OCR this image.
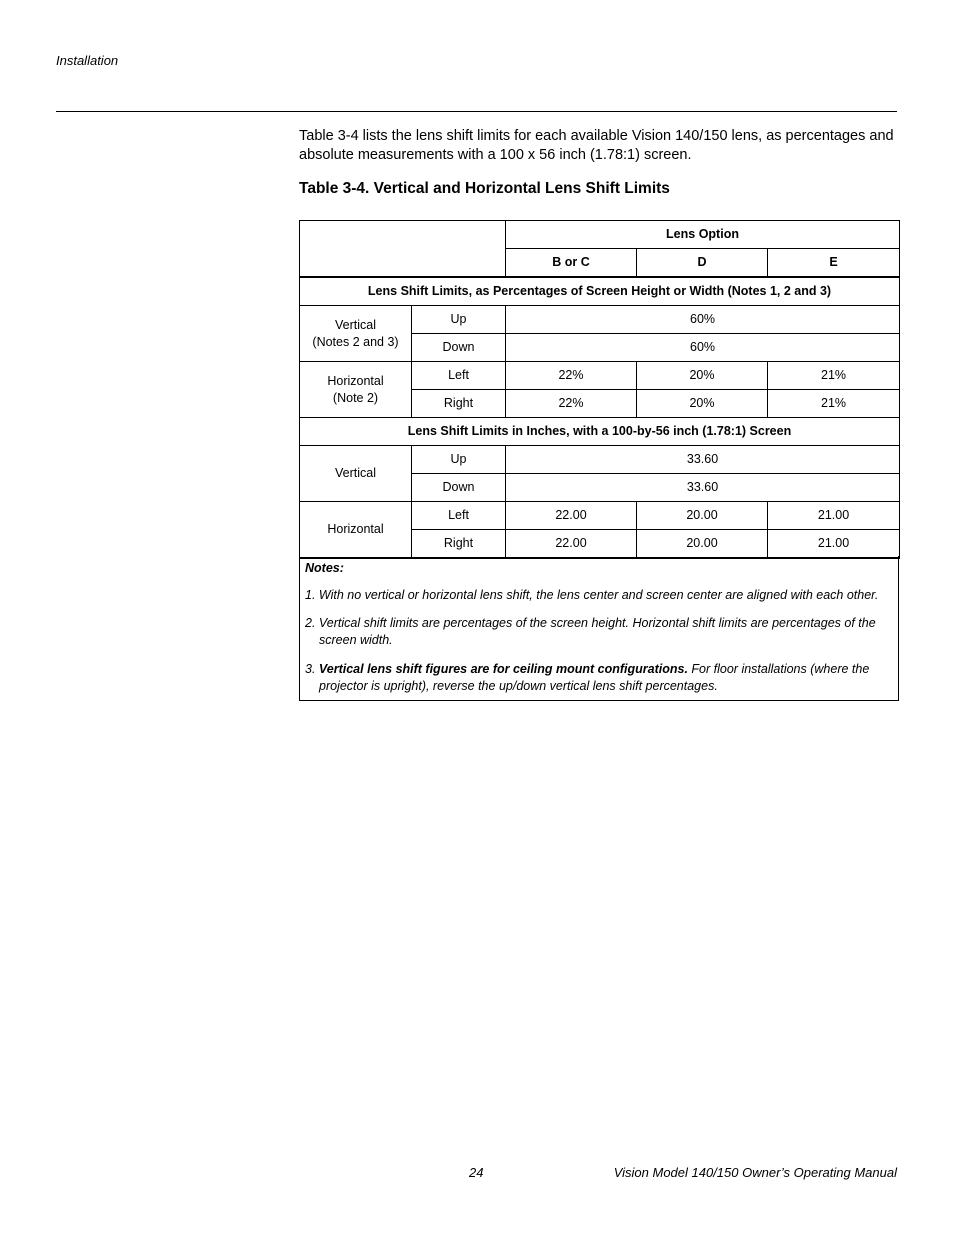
Installation
Table 3-4 lists the lens shift limits for each available Vision 140/150 lens, as percentages and absolute measurements with a 100 x 56 inch (1.78:1) screen.
Table 3-4. Vertical and Horizontal Lens Shift Limits
		Lens Option		
		B or C	D	E
Lens Shift Limits, as Percentages of Screen Height or Width (Notes 1, 2 and 3)				
Vertical
(Notes 2 and 3)	Up	60%		
	Down	60%		
Horizontal
(Note 2)	Left	22%	20%	21%
	Right	22%	20%	21%
Lens Shift Limits in Inches, with a 100-by-56 inch (1.78:1) Screen				
Vertical	Up	33.60		
	Down	33.60		
Horizontal	Left	22.00	20.00	21.00
	Right	22.00	20.00	21.00
Notes:
1. With no vertical or horizontal lens shift, the lens center and screen center are aligned with each other.
2. Vertical shift limits are percentages of the screen height. Horizontal shift limits are percentages of the screen width.
3. Vertical lens shift figures are for ceiling mount configurations. For floor installations (where the projector is upright), reverse the up/down vertical lens shift percentages.
24	Vision Model 140/150 Owner’s Operating Manual
